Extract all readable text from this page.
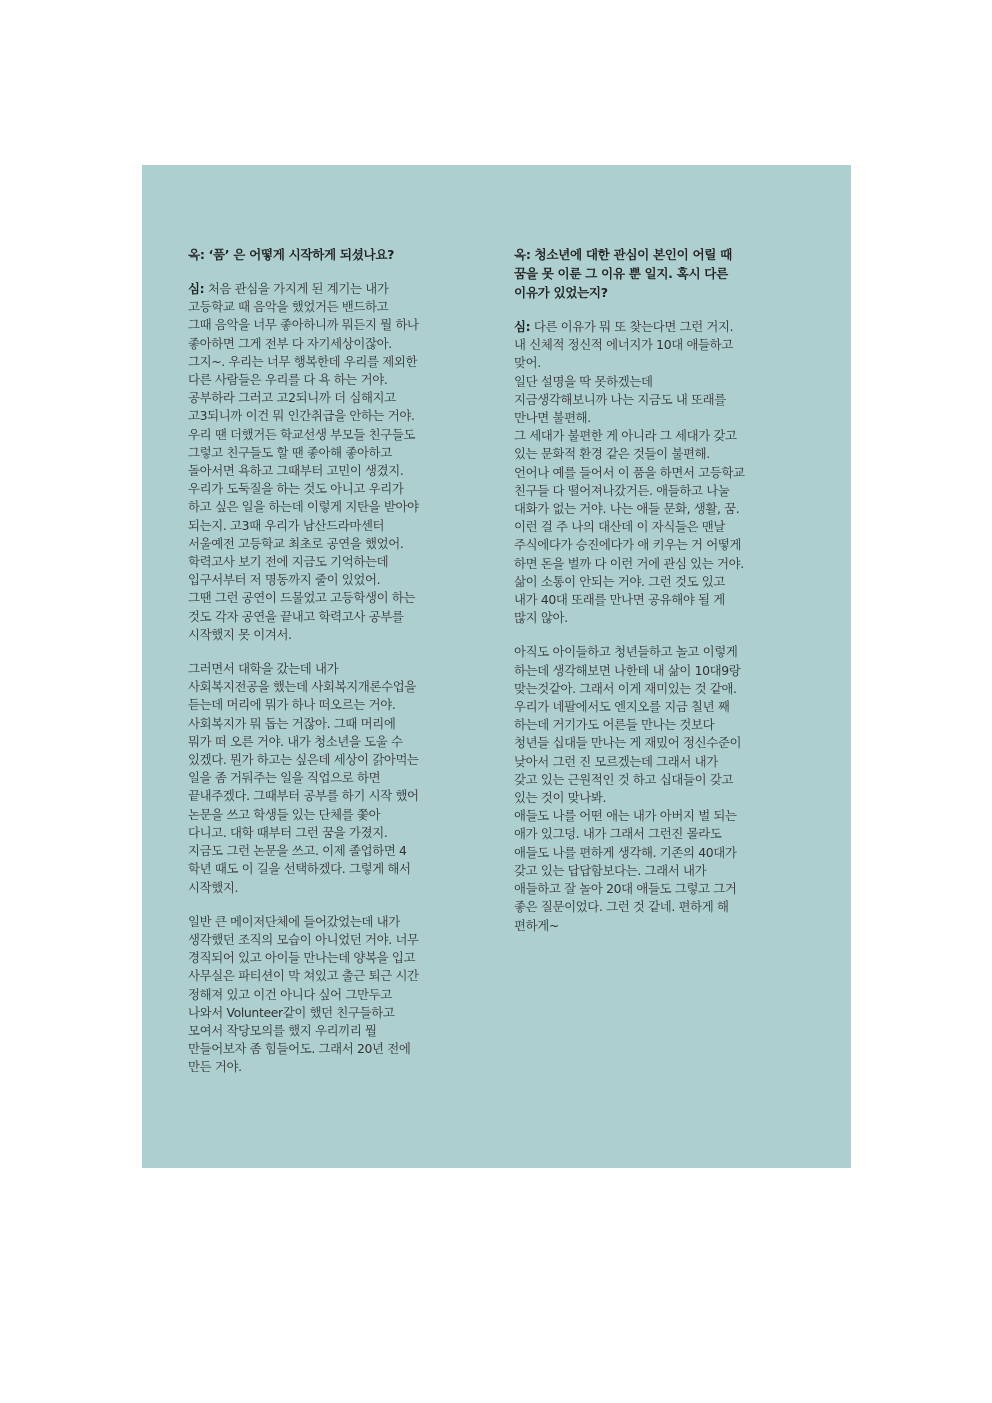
옥: ‘품’ 은 어떻게 시작하게 되셨나요?
심: 처음 관심을 가지게 된 계기는 내가
고등학교 때 음악을 했었거든 밴드하고
그때 음악을 너무 좋아하니까 뭐든지 뭘 하나
좋아하면 그게 전부 다 자기세상이잖아.
그지~. 우리는 너무 행복한데 우리를 제외한
다른 사람들은 우리를 다 욕 하는 거야.
공부하라 그러고 고2되니까 더 심해지고
고3되니까 이건 뭐 인간취급을 안하는 거야.
우리 땐 더했거든 학교선생 부모들 친구들도
그렇고 친구들도 할 땐 좋아해 좋아하고
돌아서면 욕하고 그때부터 고민이 생겼지.
우리가 도둑질을 하는 것도 아니고 우리가
하고 싶은 일을 하는데 이렇게 지탄을 받아야
되는지. 고3때 우리가 남산드라마센터
서울예전 고등학교 최초로 공연을 했었어.
학력고사 보기 전에 지금도 기억하는데
입구서부터 저 명동까지 줄이 있었어.
그땐 그런 공연이 드물었고 고등학생이 하는
것도 각자 공연을 끝내고 학력고사 공부를
시작했지 못 이겨서.
그러면서 대학을 갔는데 내가
사회복지전공을 했는데 사회복지개론수업을
듣는데 머리에 뭐가 하나 떠오르는 거야.
사회복지가 뭐 돕는 거잖아. 그때 머리에
뭐가 떠 오른 거야. 내가 청소년을 도울 수
있겠다. 뭔가 하고는 싶은데 세상이 갉아먹는
일을 좀 거둬주는 일을 직업으로 하면
끝내주겠다. 그때부터 공부를 하기 시작 했어
논문을 쓰고 학생들 있는 단체를 쫓아
다니고. 대학 때부터 그런 꿈을 가졌지.
지금도 그런 논문을 쓰고. 이제 졸업하면 4
학년 때도 이 길을 선택하겠다. 그렇게 해서
시작했지.
일반 큰 메이저단체에 들어갔었는데 내가
생각했던 조직의 모습이 아니었던 거야. 너무
경직되어 있고 아이들 만나는데 양복을 입고
사무실은 파티션이 막 쳐있고 출근 퇴근 시간
정해져 있고 이건 아니다 싶어 그만두고
나와서 Volunteer같이 했던 친구들하고
모여서 작당모의를 했지 우리끼리 뭘
만들어보자 좀 힘들어도. 그래서 20년 전에
만든 거야.
옥: 청소년에 대한 관심이 본인이 어릴 때
꿈을 못 이룬 그 이유 뿐 일지. 혹시 다른
이유가 있었는지?
심: 다른 이유가 뭐 또 찾는다면 그런 거지.
내 신체적 정신적 에너지가 10대 애들하고
맞어.
일단 설명을 딱 못하겠는데
지금생각해보니까 나는 지금도 내 또래를
만나면 불편해.
그 세대가 불편한 게 아니라 그 세대가 갖고
있는 문화적 환경 같은 것들이 불편해.
언어나 예를 들어서 이 품을 하면서 고등학교
친구들 다 떨어져나갔거든. 애들하고 나눌
대화가 없는 거야. 나는 애들 문화, 생활, 꿈.
이런 걸 주 나의 대산데 이 자식들은 맨날
주식에다가 승진에다가 애 키우는 거 어떻게
하면 돈을 벌까 다 이런 거에 관심 있는 거야.
삶이 소통이 안되는 거야. 그런 것도 있고
내가 40대 또래를 만나면 공유해야 될 게
많지 않아.
아직도 아이들하고 청년들하고 놀고 이렇게
하는데 생각해보면 나한테 내 삶이 10대9랑
맞는것같아. 그래서 이게 재미있는 것 같애.
우리가 네팔에서도 엔지오를 지금 칠년 째
하는데 거기가도 어른들 만나는 것보다
청년들 십대들 만나는 게 재밌어 정신수준이
낮아서 그런 진 모르겠는데 그래서 내가
갖고 있는 근원적인 것 하고 십대들이 갖고
있는 것이 맞나봐.
애들도 나를 어떤 애는 내가 아버지 벌 되는
애가 있그덩. 내가 그래서 그런진 몰라도
애들도 나를 편하게 생각해. 기존의 40대가
갖고 있는 답답함보다는. 그래서 내가
애들하고 잘 놀아 20대 애들도 그렇고 그거
좋은 질문이었다. 그런 것 같네. 편하게 해
편하게~
